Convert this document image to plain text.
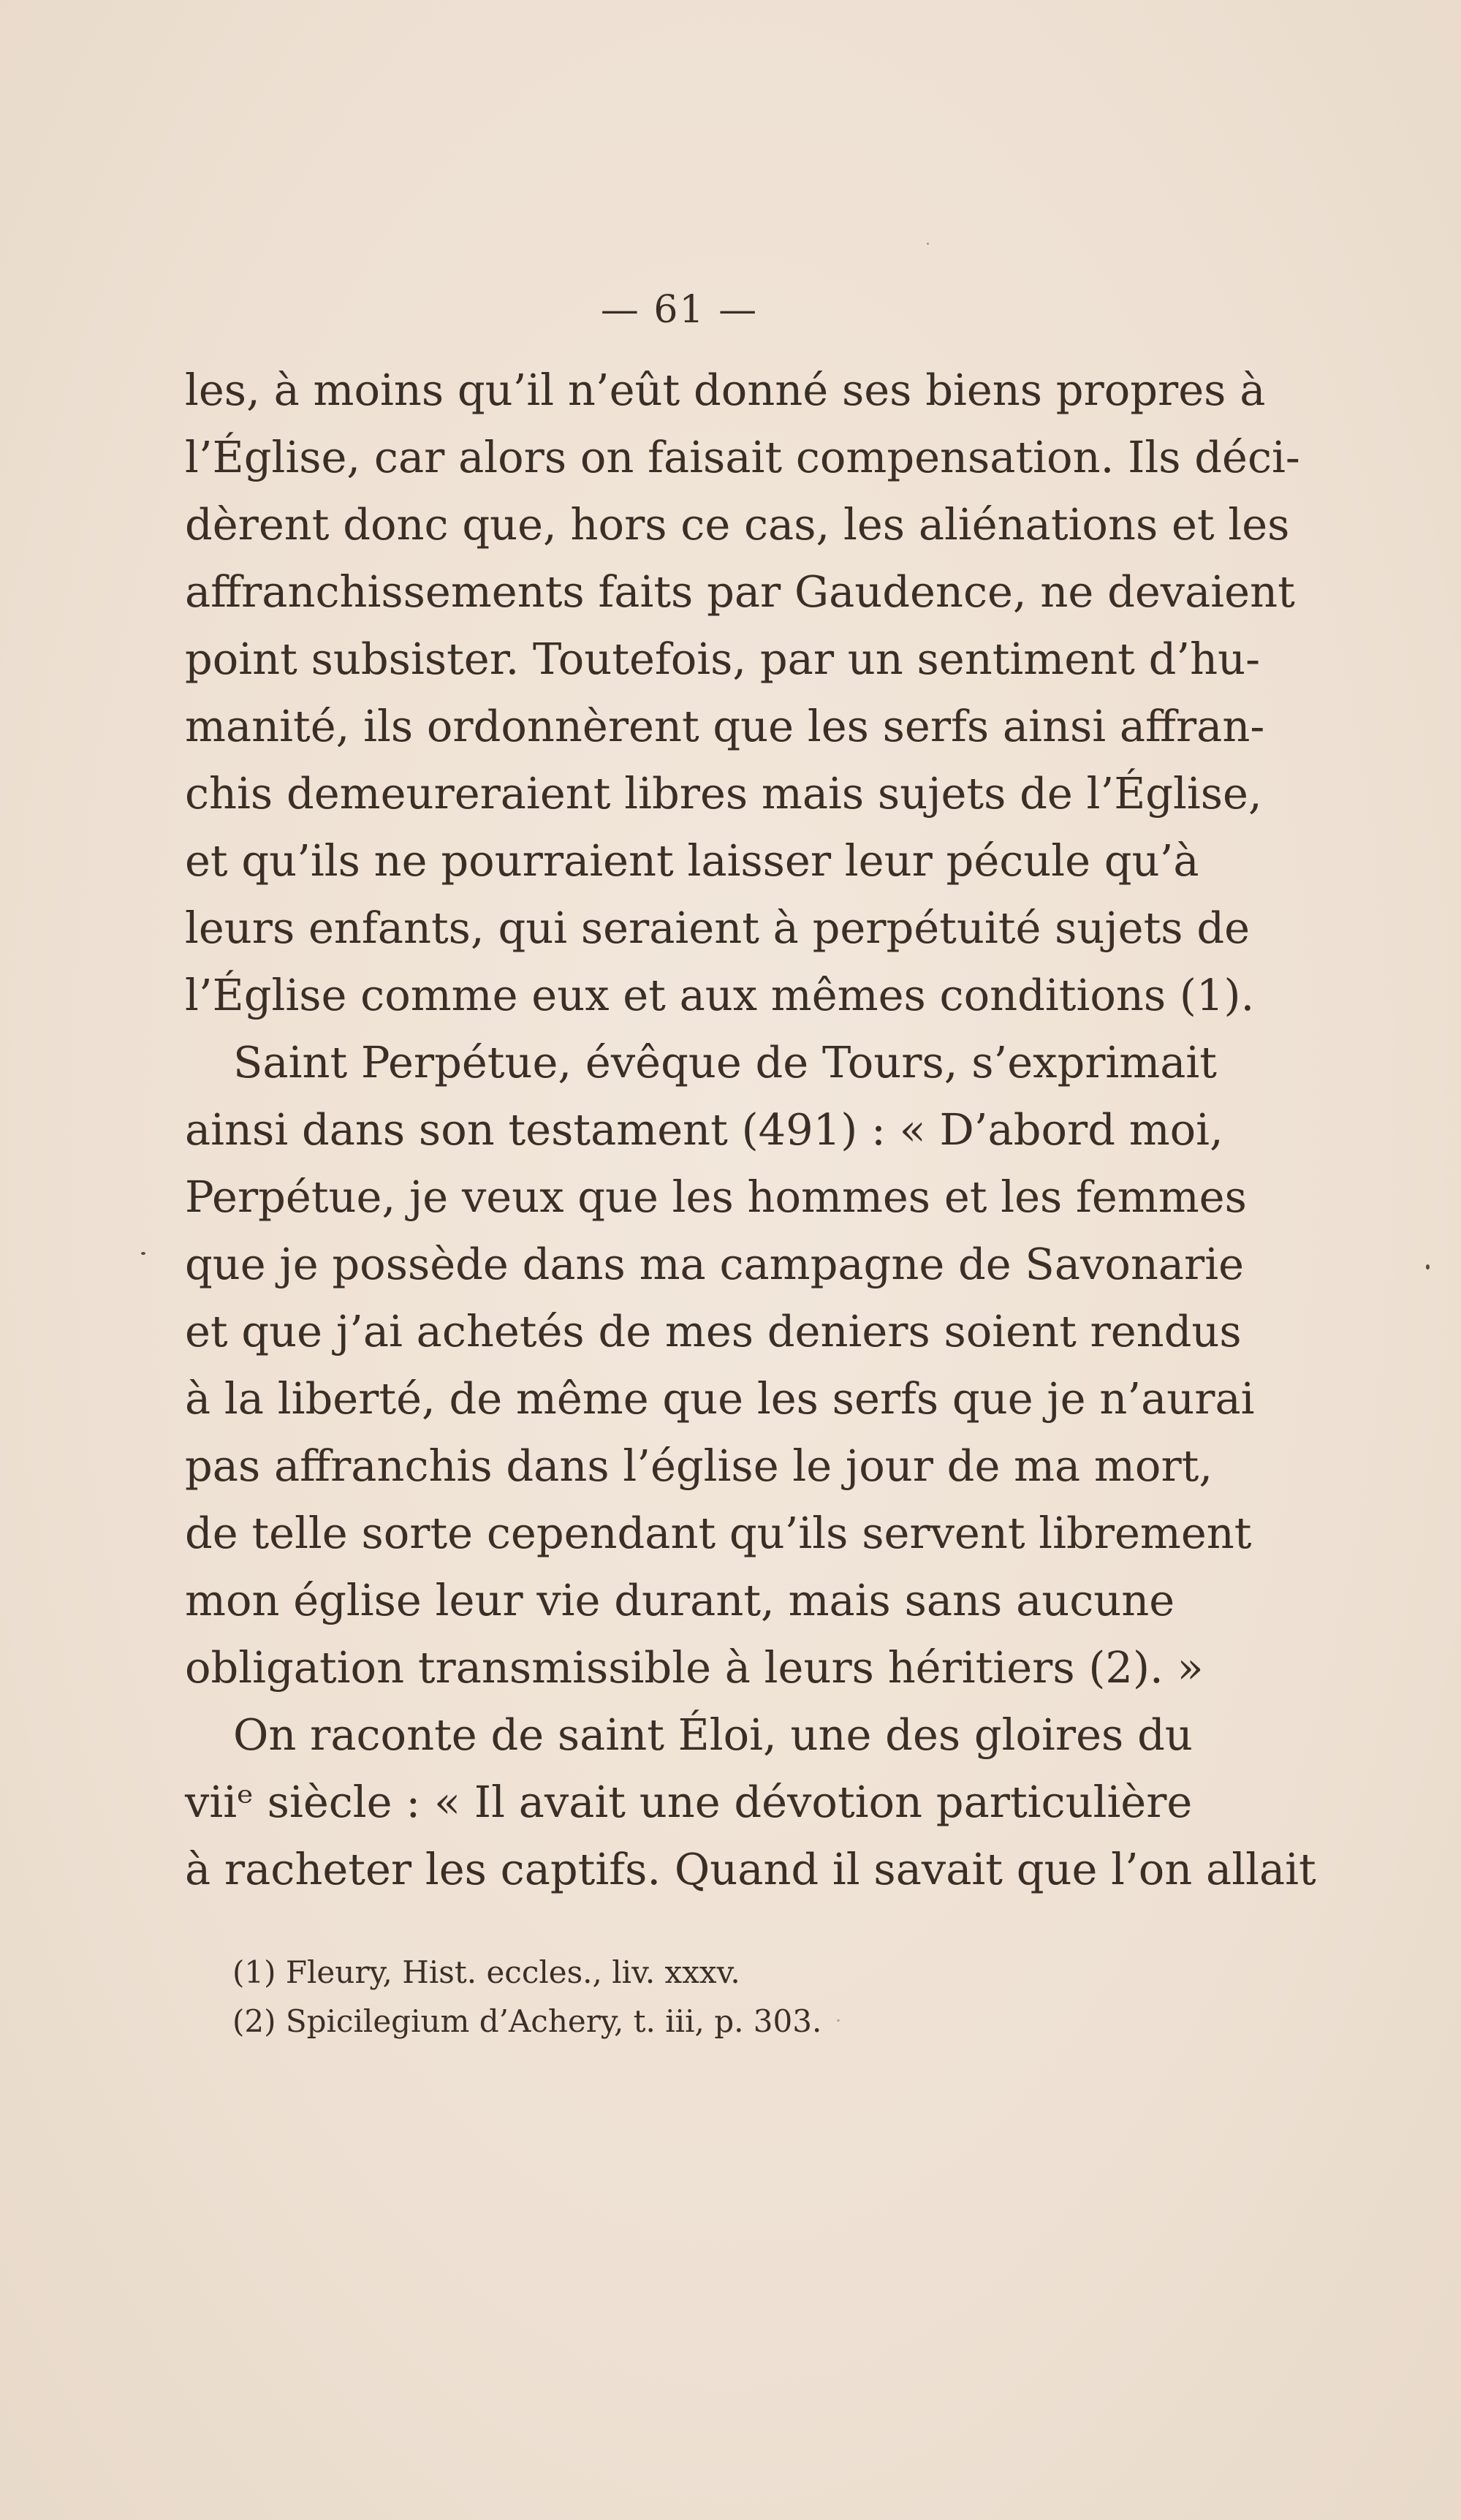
— 61 —
les, à moins qu’il n’eût donné ses biens propres à
l’Église, car alors on faisait compensation. Ils déci-
dèrent donc que, hors ce cas, les aliénations et les
affranchissements faits par Gaudence, ne devaient
point subsister. Toutefois, par un sentiment d’hu-
manité, ils ordonnèrent que les serfs ainsi affran-
chis demeureraient libres mais sujets de l’Église,
et qu’ils ne pourraient laisser leur pécule qu’à
leurs enfants, qui seraient à perpétuité sujets de
l’Église comme eux et aux mêmes conditions (1).
Saint Perpétue, évêque de Tours, s’exprimait
ainsi dans son testament (491) : « D’abord moi,
Perpétue, je veux que les hommes et les femmes
que je possède dans ma campagne de Savonarie
et que j’ai achetés de mes deniers soient rendus
à la liberté, de même que les serfs que je n’aurai
pas affranchis dans l’église le jour de ma mort,
de telle sorte cependant qu’ils servent librement
mon église leur vie durant, mais sans aucune
obligation transmissible à leurs héritiers (2). »
On raconte de saint Éloi, une des gloires du
viiᵉ siècle : « Il avait une dévotion particulière
à racheter les captifs. Quand il savait que l’on allait
(1) Fleury, Hist. eccles., liv. xxxv.
(2) Spicilegium d’Achery, t. iii, p. 303.
